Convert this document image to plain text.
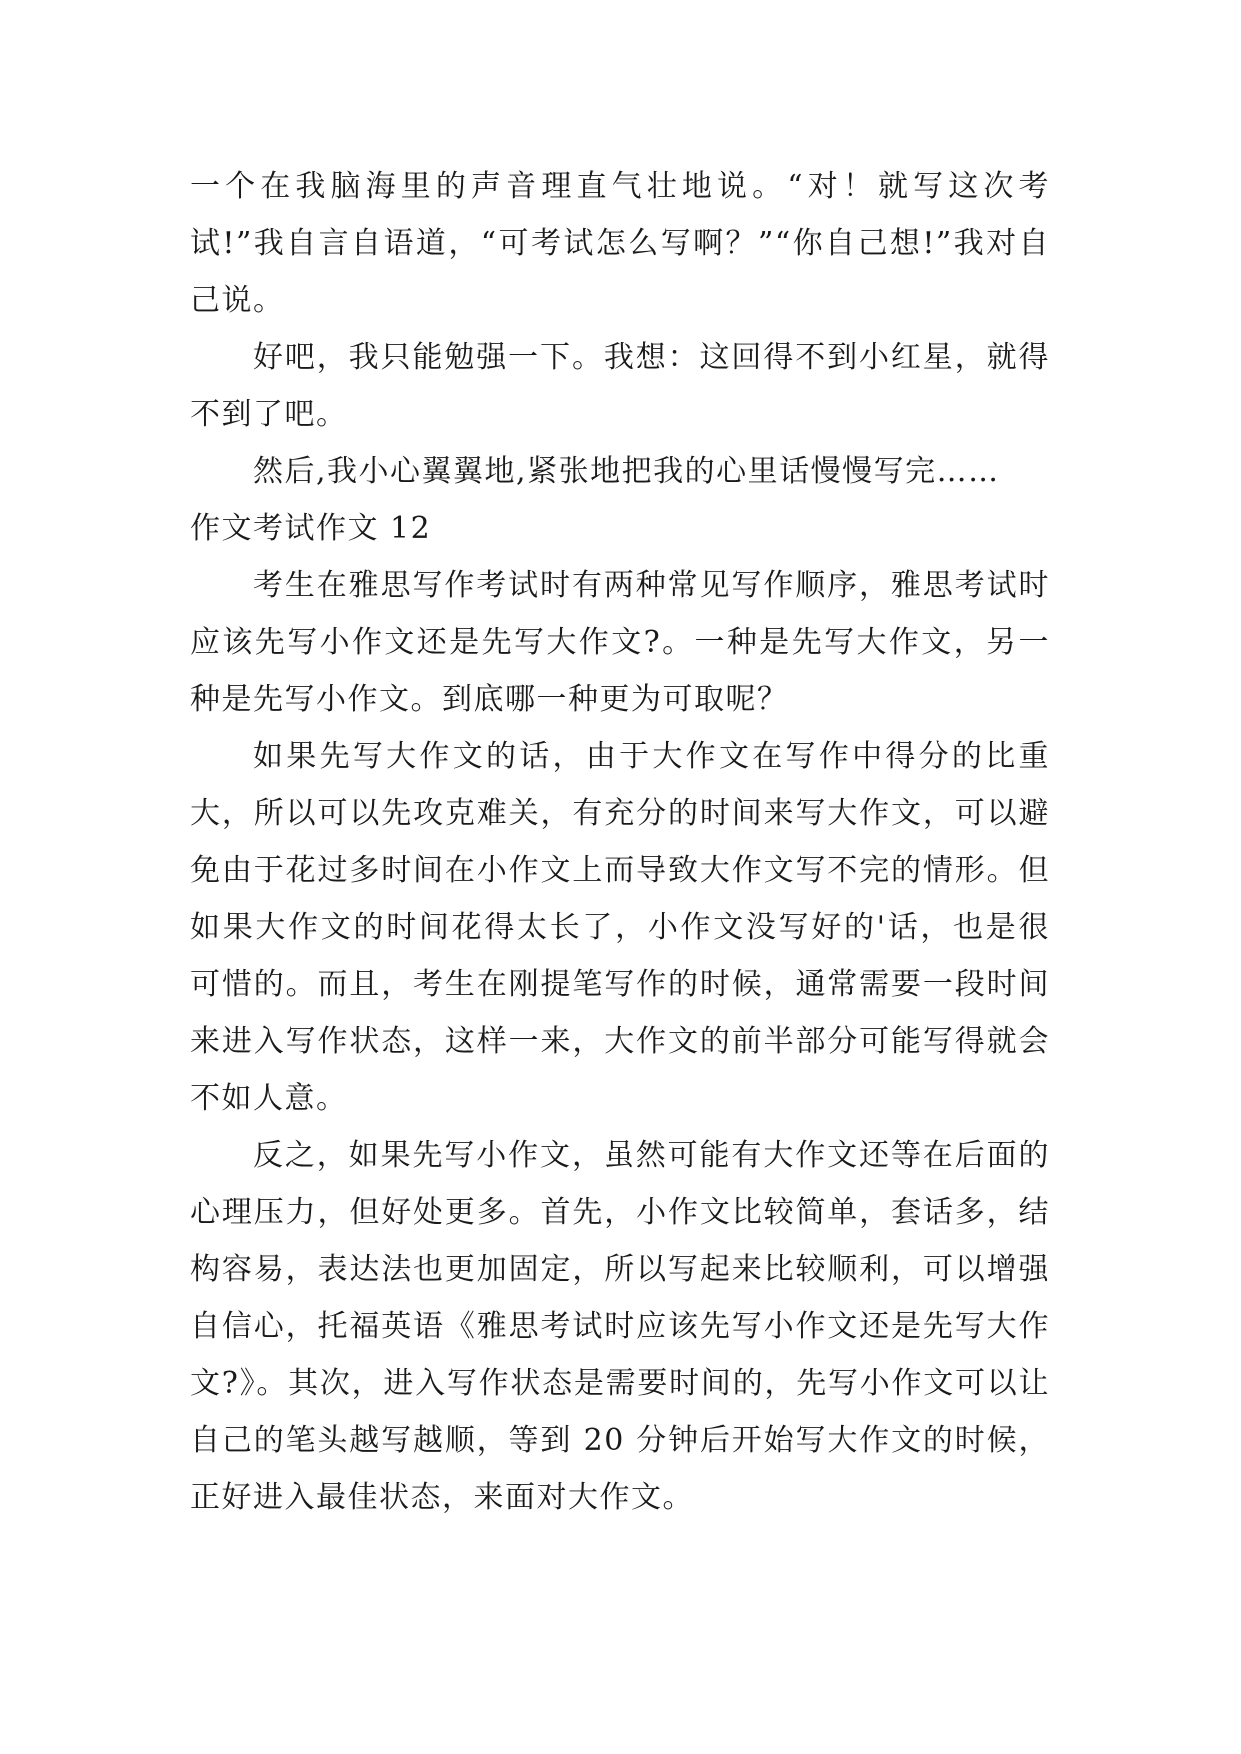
一个在我脑海里的声音理直气壮地说。“对！就写这次考试!”我自言自语道，“可考试怎么写啊？”“你自己想!”我对自己说。

好吧，我只能勉强一下。我想：这回得不到小红星，就得不到了吧。

然后,我小心翼翼地,紧张地把我的心里话慢慢写完……

作文考试作文 12

考生在雅思写作考试时有两种常见写作顺序，雅思考试时应该先写小作文还是先写大作文?。一种是先写大作文，另一种是先写小作文。到底哪一种更为可取呢？

如果先写大作文的话，由于大作文在写作中得分的比重大，所以可以先攻克难关，有充分的时间来写大作文，可以避免由于花过多时间在小作文上而导致大作文写不完的情形。但如果大作文的时间花得太长了，小作文没写好的'话，也是很可惜的。而且，考生在刚提笔写作的时候，通常需要一段时间来进入写作状态，这样一来，大作文的前半部分可能写得就会不如人意。

反之，如果先写小作文，虽然可能有大作文还等在后面的心理压力，但好处更多。首先，小作文比较简单，套话多，结构容易，表达法也更加固定，所以写起来比较顺利，可以增强自信心，托福英语《雅思考试时应该先写小作文还是先写大作文?》。其次，进入写作状态是需要时间的，先写小作文可以让自己的笔头越写越顺，等到 20 分钟后开始写大作文的时候，正好进入最佳状态，来面对大作文。
